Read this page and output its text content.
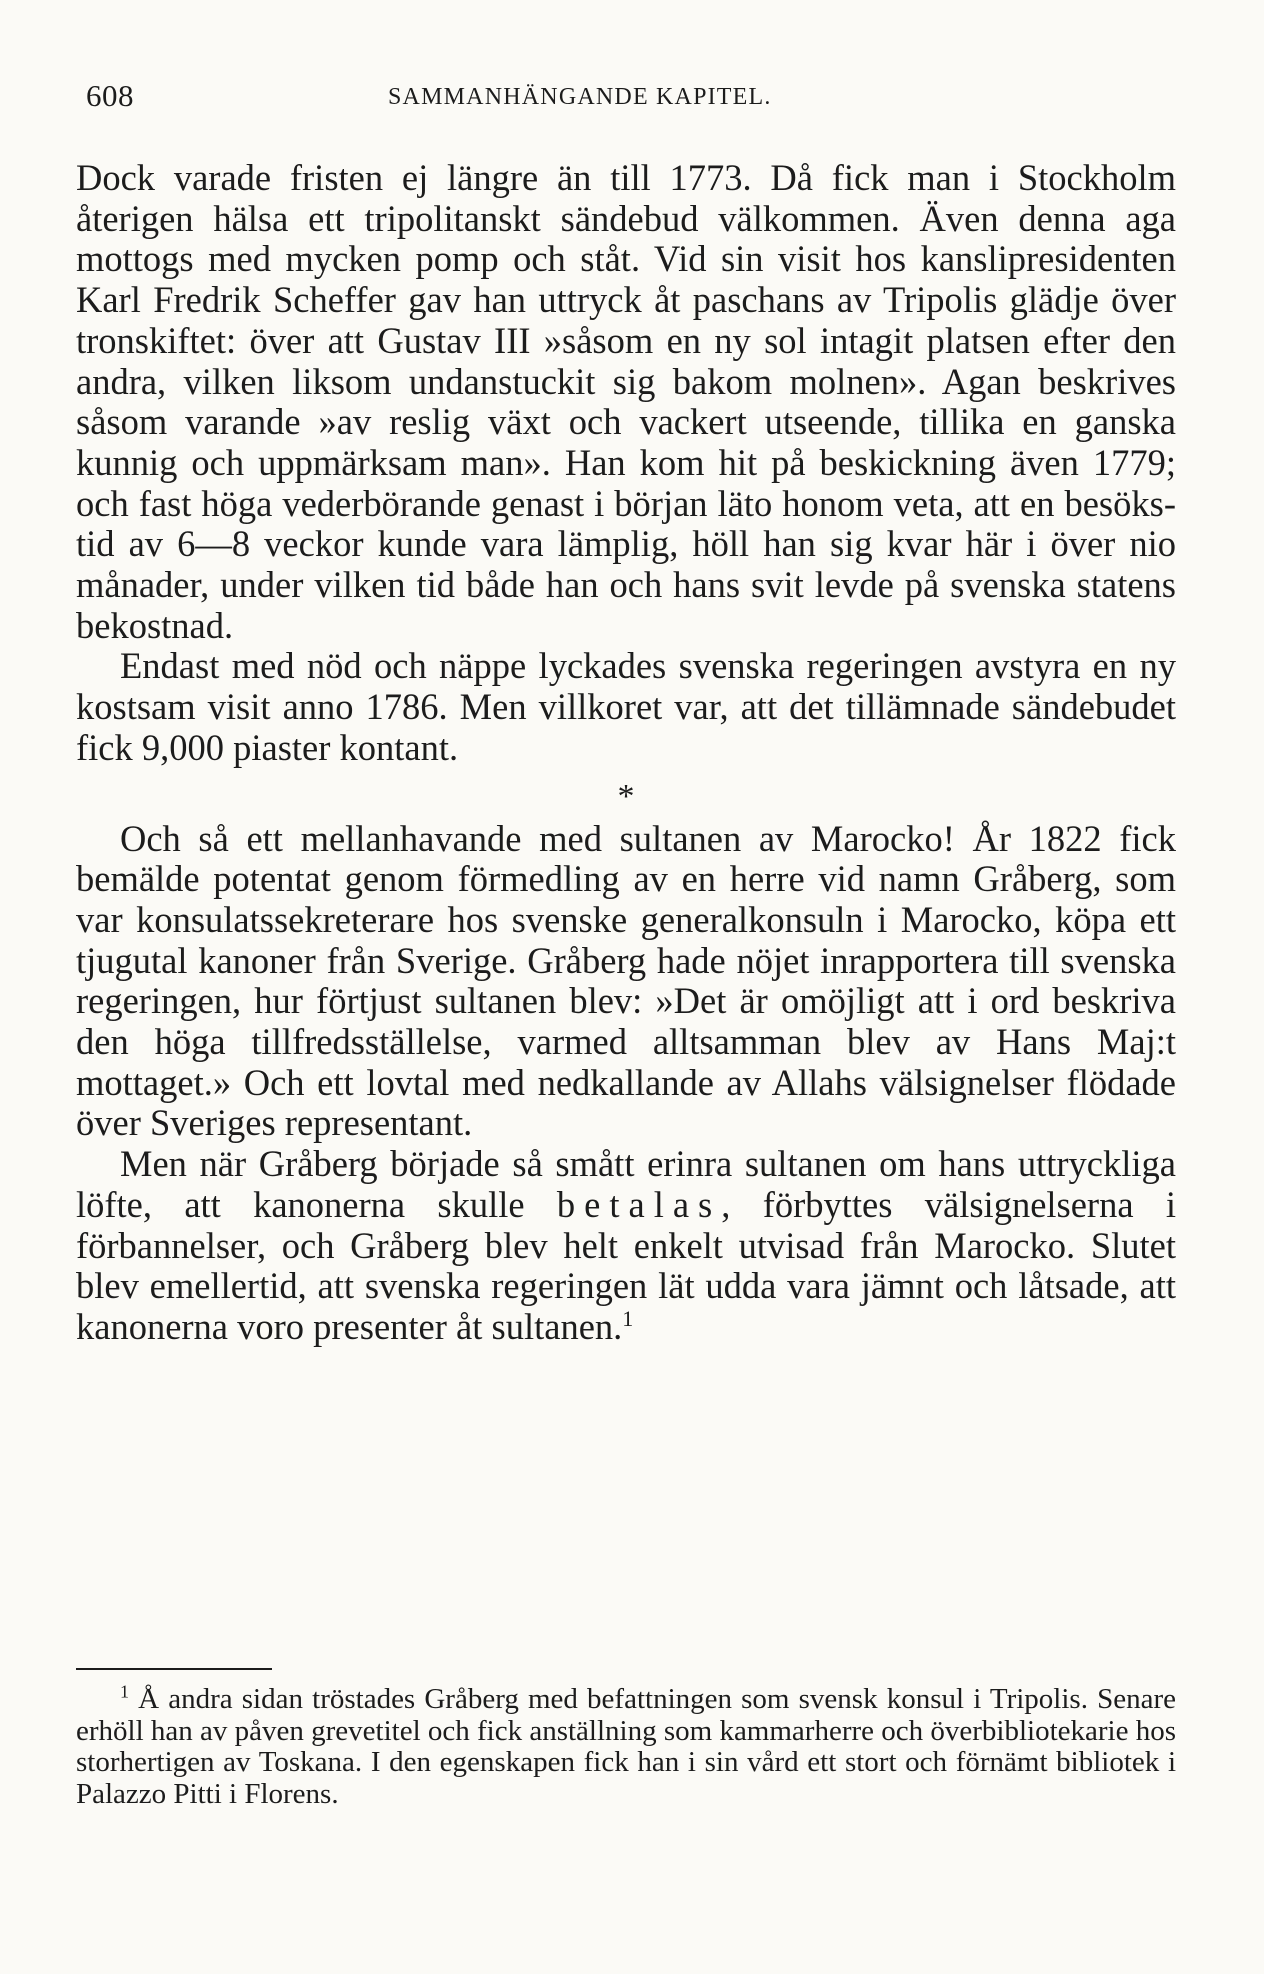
608	SAMMANHÄNGANDE KAPITEL.

Dock varade fristen ej längre än till 1773. Då fick man i Stockholm återigen hälsa ett tripolitanskt sändebud välkommen. Även denna aga mottogs med mycken pomp och ståt. Vid sin visit hos kanslipresidenten Karl Fredrik Scheffer gav han uttryck åt paschans av Tripolis glädje över tronskiftet: över att Gustav III »såsom en ny sol intagit platsen efter den andra, vilken liksom undanstuckit sig bakom molnen». Agan beskrives såsom varande »av reslig växt och vackert utseende, tillika en ganska kunnig och uppmärksam man». Han kom hit på beskickning även 1779; och fast höga vederbörande genast i början läto honom veta, att en besökstid av 6—8 veckor kunde vara lämplig, höll han sig kvar här i över nio månader, under vilken tid både han och hans svit levde på svenska statens bekostnad.

Endast med nöd och näppe lyckades svenska regeringen avstyra en ny kostsam visit anno 1786. Men villkoret var, att det tillämnade sändebudet fick 9,000 piaster kontant.

*

Och så ett mellanhavande med sultanen av Marocko! År 1822 fick bemälde potentat genom förmedling av en herre vid namn Gråberg, som var konsulatssekreterare hos svenske generalkonsuln i Marocko, köpa ett tjugutal kanoner från Sverige. Gråberg hade nöjet inrapportera till svenska regeringen, hur förtjust sultanen blev: »Det är omöjligt att i ord beskriva den höga tillfredsställelse, varmed alltsamman blev av Hans Maj:t mottaget.» Och ett lovtal med nedkallande av Allahs välsignelser flödade över Sveriges representant.

Men när Gråberg började så smått erinra sultanen om hans uttryckliga löfte, att kanonerna skulle betalas, förbyttes välsignelserna i förbannelser, och Gråberg blev helt enkelt utvisad från Marocko. Slutet blev emellertid, att svenska regeringen lät udda vara jämnt och låtsade, att kanonerna voro presenter åt sultanen.$^1$

$^1$ Å andra sidan tröstades Gråberg med befattningen som svensk konsul i Tripolis. Senare erhöll han av påven grevetitel och fick anställning som kammarherre och överbibliotekarie hos storhertigen av Toskana. I den egenskapen fick han i sin vård ett stort och förnämt bibliotek i Palazzo Pitti i Florens.
